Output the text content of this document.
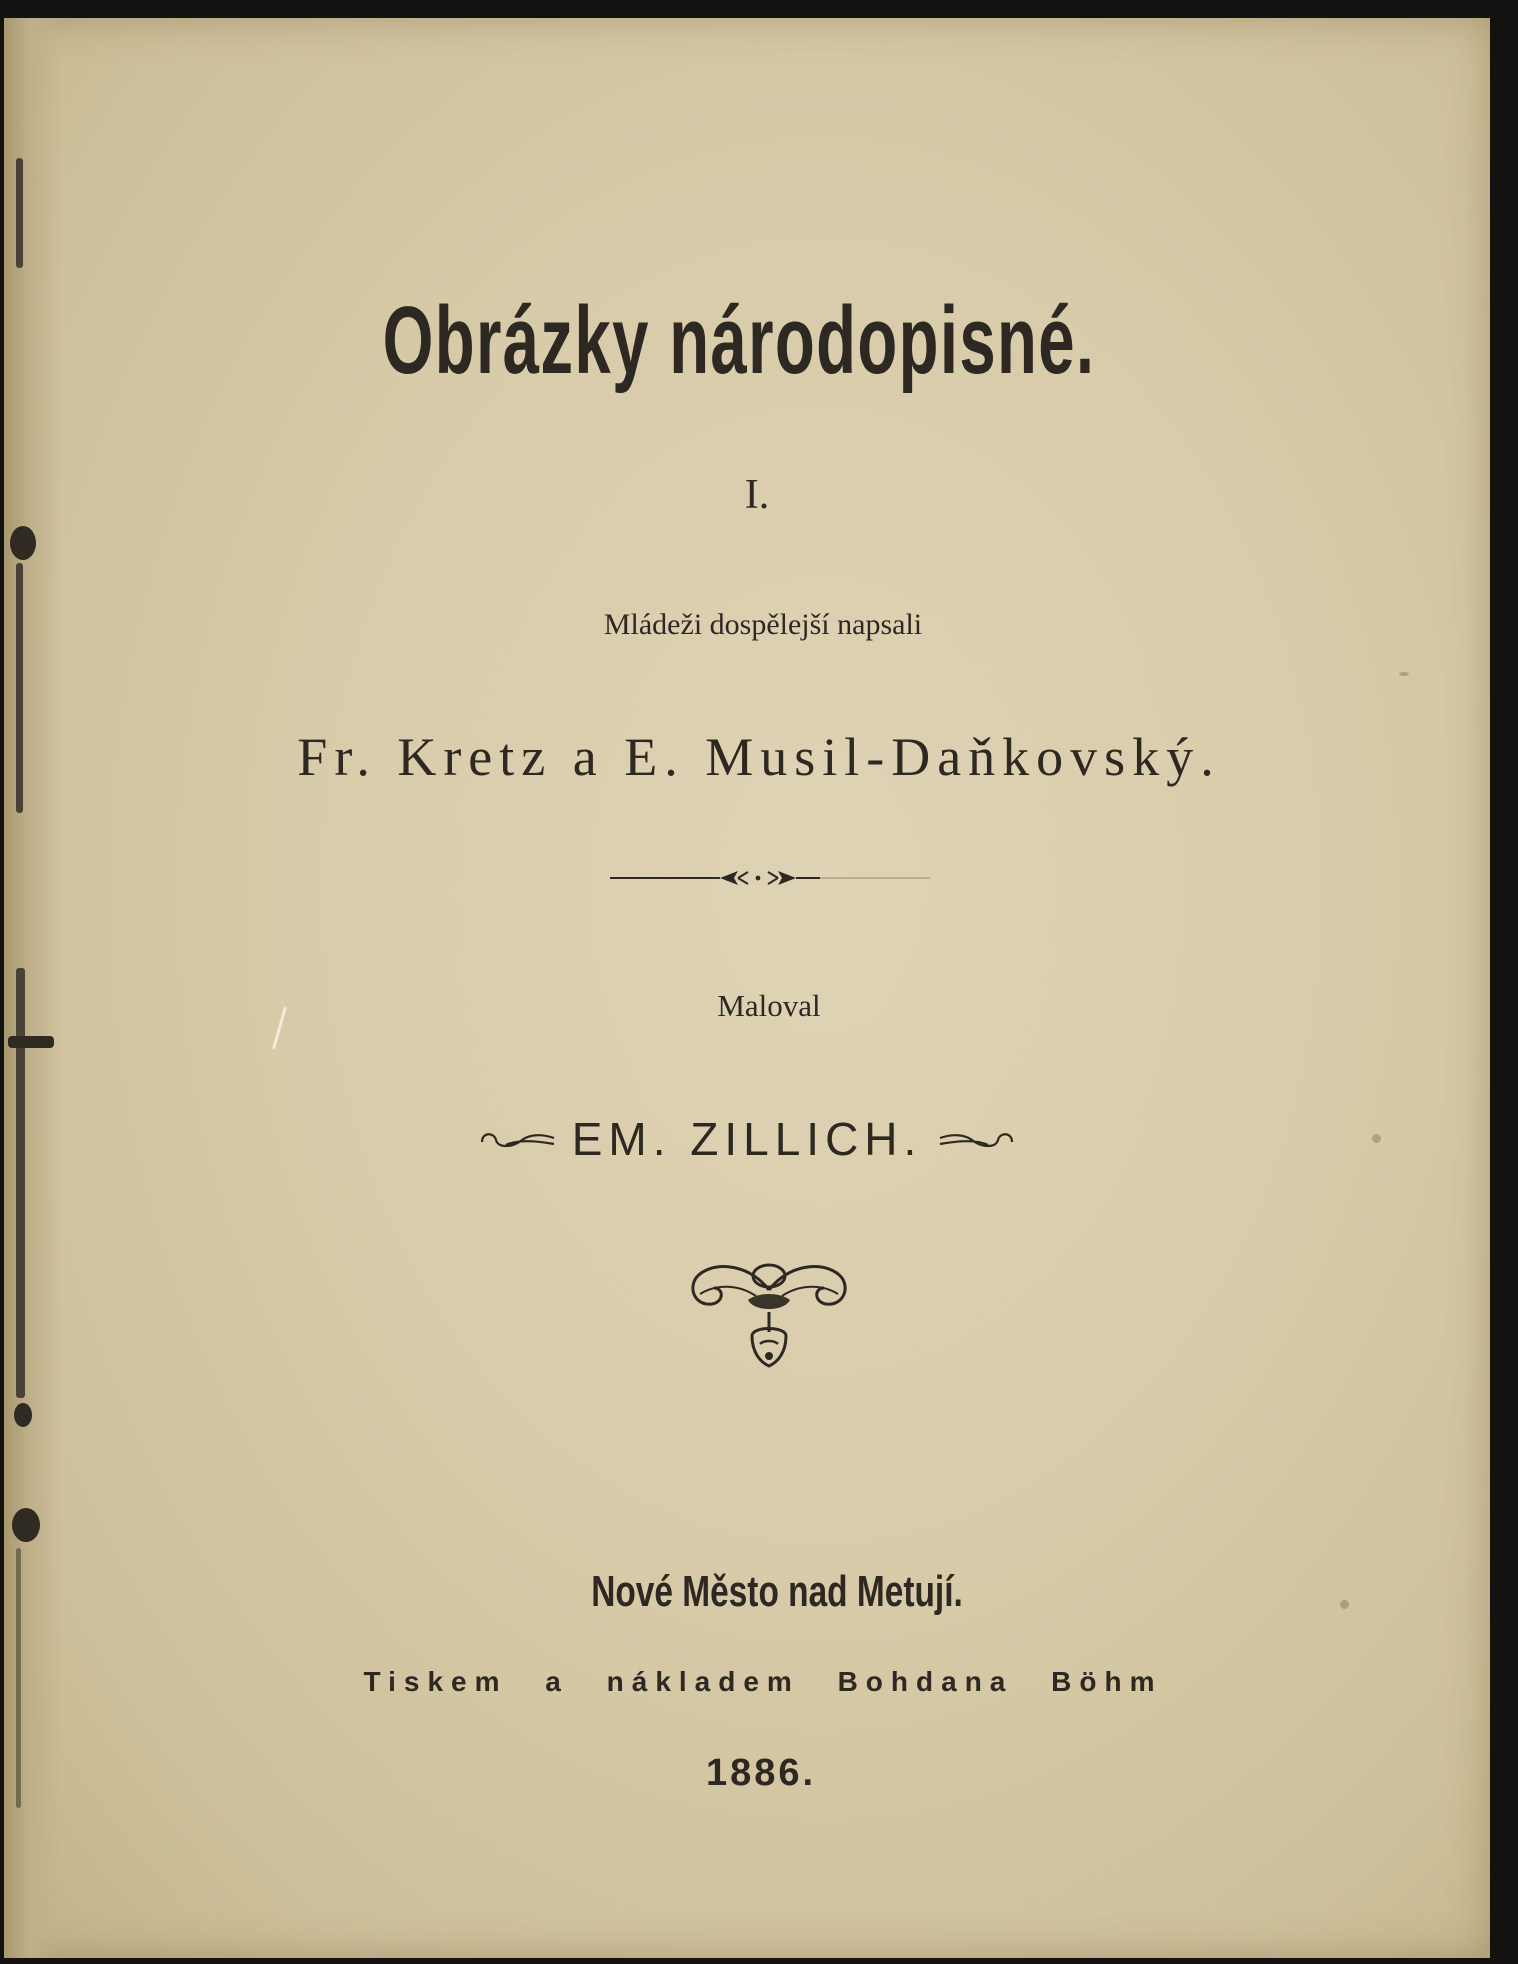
Obrázky národopisné.

I.

Mládeži dospělejší napsali

Fr. Kretz a E. Musil-Daňkovský.

Maloval

EM. ZILLICH.

Nové Město nad Metují.

Tiskem a nákladem Bohdana Böhm

1886.
